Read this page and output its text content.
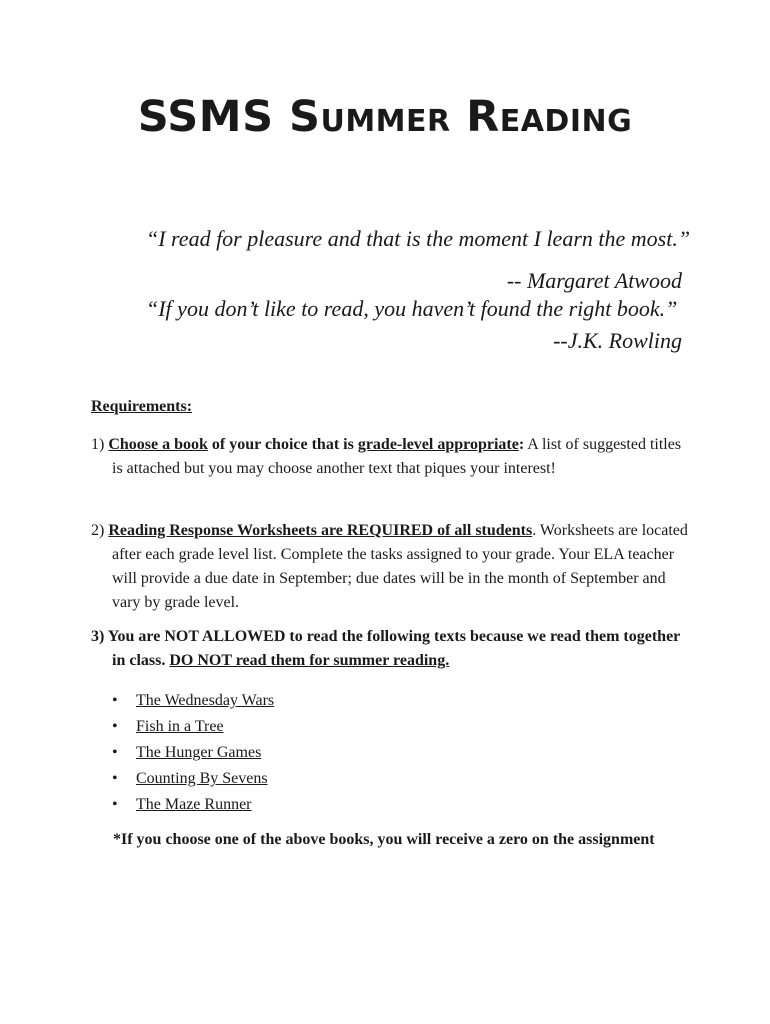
SSMS Summer Reading
“I read for pleasure and that is the moment I learn the most.”
-- Margaret Atwood
“If you don’t like to read, you haven’t found the right book.”
--J.K. Rowling

Requirements:

1) Choose a book of your choice that is grade-level appropriate: A list of suggested titles is attached but you may choose another text that piques your interest!

2) Reading Response Worksheets are REQUIRED of all students. Worksheets are located after each grade level list. Complete the tasks assigned to your grade. Your ELA teacher will provide a due date in September; due dates will be in the month of September and vary by grade level.

3) You are NOT ALLOWED to read the following texts because we read them together in class. DO NOT read them for summer reading.

• The Wednesday Wars
• Fish in a Tree
• The Hunger Games
• Counting By Sevens
• The Maze Runner

*If you choose one of the above books, you will receive a zero on the assignment
